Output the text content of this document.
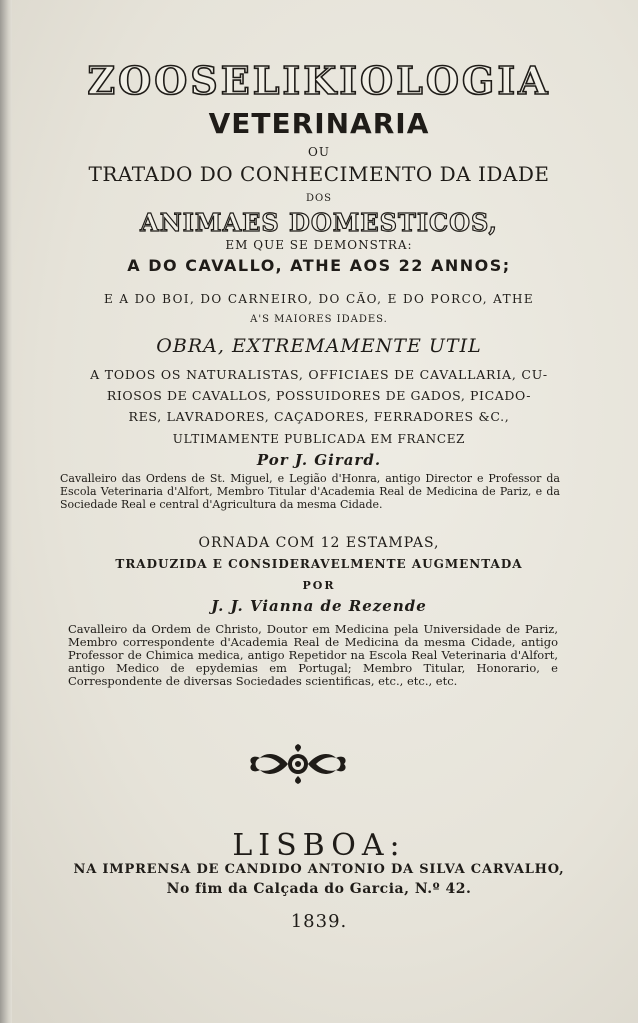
ZOOSELIKIOLOGIA
VETERINARIA
OU
TRATADO DO CONHECIMENTO DA IDADE
DOS
ANIMAES DOMESTICOS,
EM QUE SE DEMONSTRA:
A DO CAVALLO, ATHE AOS 22 ANNOS;
E A DO BOI, DO CARNEIRO, DO CÃO, E DO PORCO, ATHE
A'S MAIORES IDADES.
OBRA, EXTREMAMENTE UTIL
A TODOS OS NATURALISTAS, OFFICIAES DE CAVALLARIA, CU-
RIOSOS DE CAVALLOS, POSSUIDORES DE GADOS, PICADO-
RES, LAVRADORES, CAÇADORES, FERRADORES &C.,
ULTIMAMENTE PUBLICADA EM FRANCEZ
Por J. Girard.
Cavalleiro das Ordens de St. Miguel, e Legião d'Honra, antigo Director e Professor da Escola Veterinaria d'Alfort, Membro Titular d'Academia Real de Medicina de Pariz, e da Sociedade Real e central d'Agricultura da mesma Cidade.
ORNADA COM 12 ESTAMPAS,
TRADUZIDA E CONSIDERAVELMENTE AUGMENTADA
POR
J. J. Vianna de Rezende
Cavalleiro da Ordem de Christo, Doutor em Medicina pela Universidade de Pariz, Membro correspondente d'Academia Real de Medicina da mesma Cidade, antigo Professor de Chimica medica, antigo Repetidor na Escola Real Veterinaria d'Alfort, antigo Medico de epydemias em Portugal; Membro Titular, Honorario, e Correspondente de diversas Sociedades scientificas, etc., etc., etc.
LISBOA:
NA IMPRENSA DE CANDIDO ANTONIO DA SILVA CARVALHO,
No fim da Calçada do Garcia, N.º 42.
1839.
